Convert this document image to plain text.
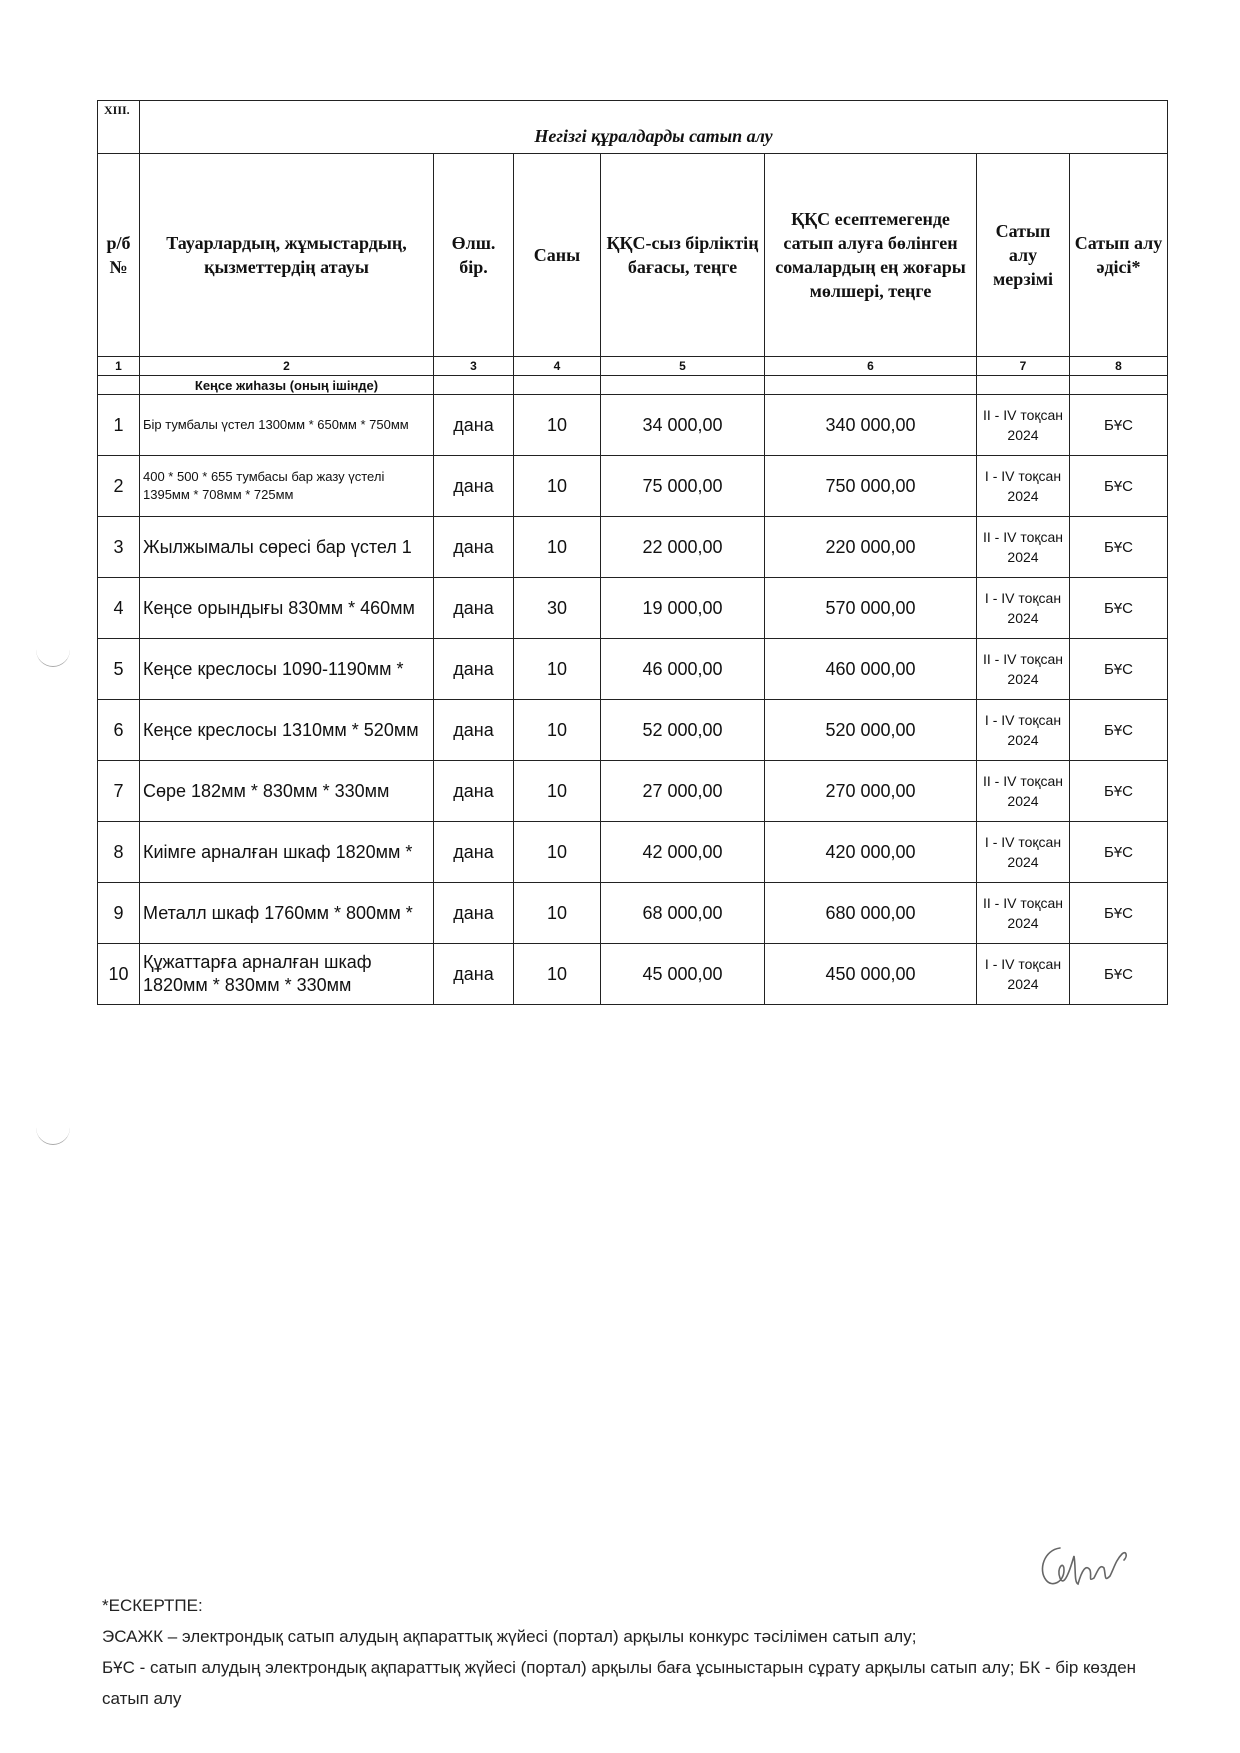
XIII.	Негізгі құралдарды сатып алу						
р/б №	Тауарлардың, жұмыстардың, қызметтердің атауы	Өлш. бір.	Саны	ҚҚС-сыз бірліктің бағасы, теңге	ҚҚС есептемегенде сатып алуға бөлінген сомалардың ең жоғары мөлшері, теңге	Сатып алу мерзімі	Сатып алу әдісі*
1	2	3	4	5	6	7	8
	Кеңсе жиһазы (оның ішінде)						
1	Бір тумбалы үстел 1300мм * 650мм * 750мм	дана	10	34 000,00	340 000,00	II - IV тоқсан 2024	БҰС
2	400 * 500 * 655 тумбасы бар жазу үстелі 1395мм * 708мм * 725мм	дана	10	75 000,00	750 000,00	I - IV тоқсан 2024	БҰС
3	Жылжымалы сөресі бар үстел 1	дана	10	22 000,00	220 000,00	II - IV тоқсан 2024	БҰС
4	Кеңсе орындығы 830мм * 460мм	дана	30	19 000,00	570 000,00	I - IV тоқсан 2024	БҰС
5	Кеңсе креслосы 1090-1190мм *	дана	10	46 000,00	460 000,00	II - IV тоқсан 2024	БҰС
6	Кеңсе креслосы 1310мм * 520мм	дана	10	52 000,00	520 000,00	I - IV тоқсан 2024	БҰС
7	Сөре 182мм * 830мм * 330мм	дана	10	27 000,00	270 000,00	II - IV тоқсан 2024	БҰС
8	Киімге арналған шкаф 1820мм *	дана	10	42 000,00	420 000,00	I - IV тоқсан 2024	БҰС
9	Металл шкаф 1760мм * 800мм *	дана	10	68 000,00	680 000,00	II - IV тоқсан 2024	БҰС
10	Құжаттарға арналған шкаф 1820мм * 830мм * 330мм	дана	10	45 000,00	450 000,00	I - IV тоқсан 2024	БҰС
*ЕСКЕРТПЕ:
ЭСАЖК – электрондық сатып алудың ақпараттық жүйесі (портал) арқылы конкурс тәсілімен сатып алу;
БҰС - сатып алудың электрондық ақпараттық жүйесі (портал) арқылы баға ұсыныстарын сұрату арқылы сатып алу; БК - бір көзден сатып алу
